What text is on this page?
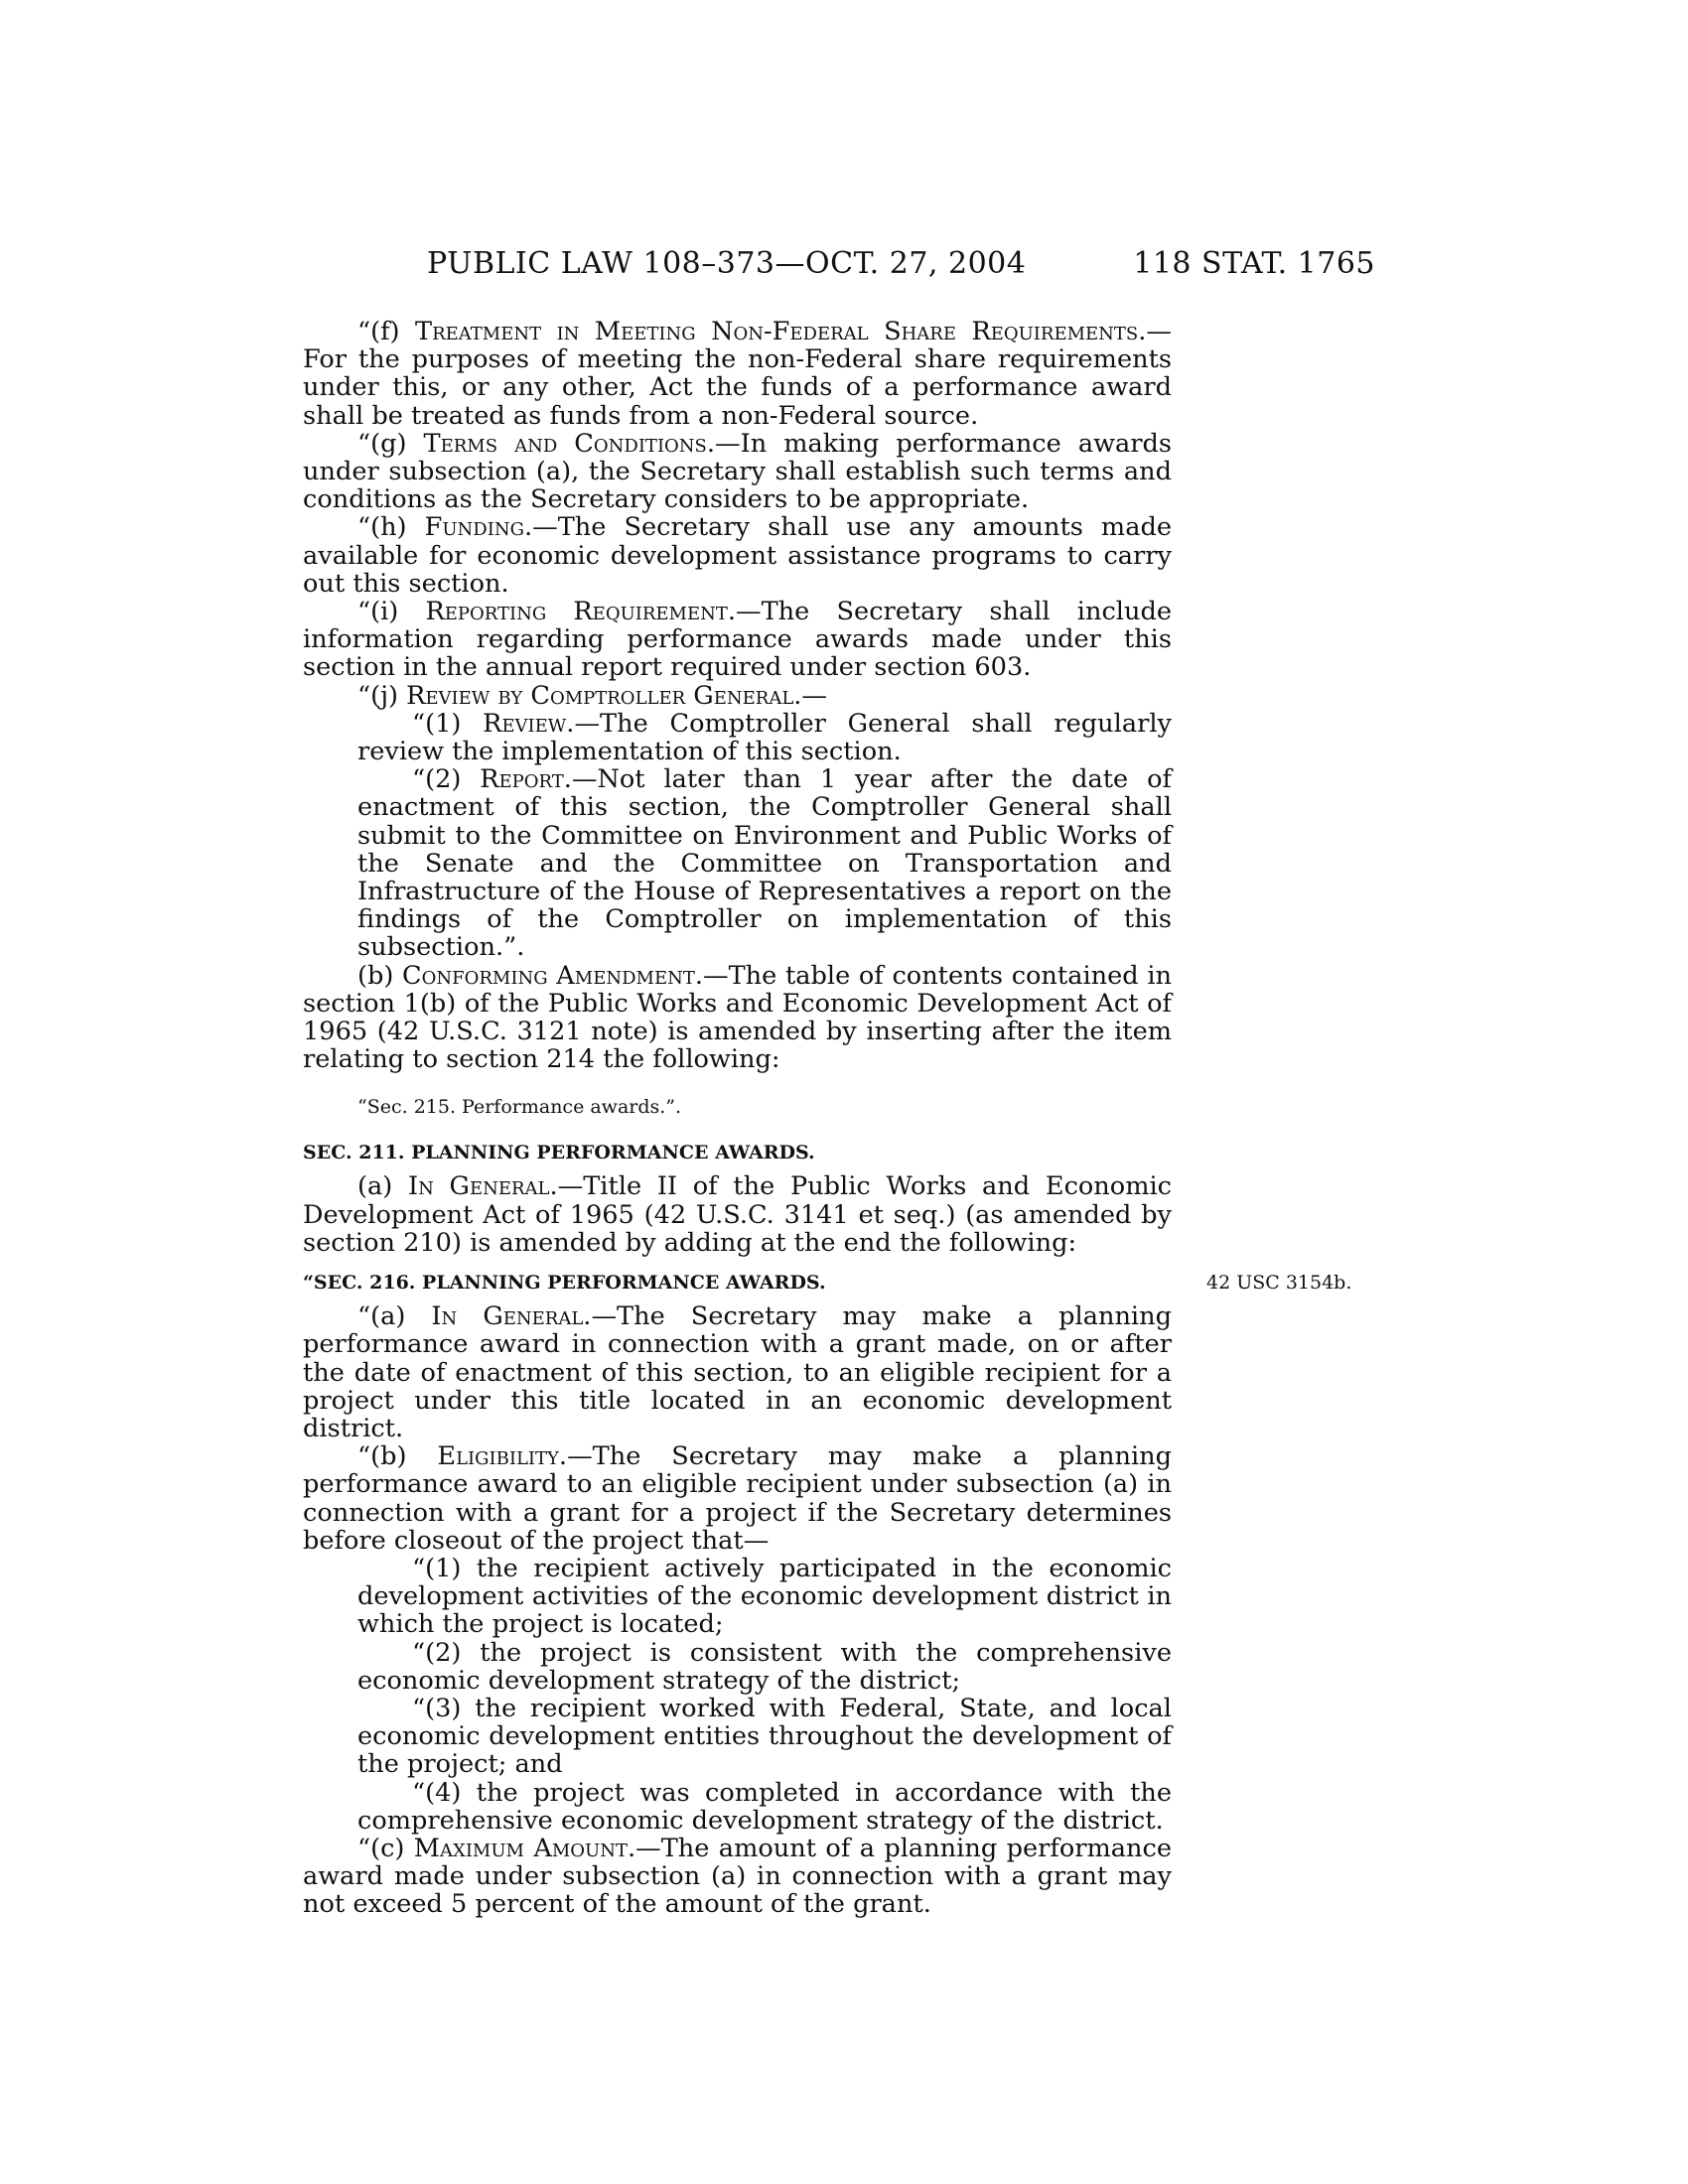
PUBLIC LAW 108–373—OCT. 27, 2004	118 STAT. 1765

“(f) Treatment in Meeting Non-Federal Share Requirements.—For the purposes of meeting the non-Federal share requirements under this, or any other, Act the funds of a performance award shall be treated as funds from a non-Federal source.

“(g) Terms and Conditions.—In making performance awards under subsection (a), the Secretary shall establish such terms and conditions as the Secretary considers to be appropriate.

“(h) Funding.—The Secretary shall use any amounts made available for economic development assistance programs to carry out this section.

“(i) Reporting Requirement.—The Secretary shall include information regarding performance awards made under this section in the annual report required under section 603.

“(j) Review by Comptroller General.—

“(1) Review.—The Comptroller General shall regularly review the implementation of this section.

“(2) Report.—Not later than 1 year after the date of enactment of this section, the Comptroller General shall submit to the Committee on Environment and Public Works of the Senate and the Committee on Transportation and Infrastructure of the House of Representatives a report on the findings of the Comptroller on implementation of this subsection.”.

(b) Conforming Amendment.—The table of contents contained in section 1(b) of the Public Works and Economic Development Act of 1965 (42 U.S.C. 3121 note) is amended by inserting after the item relating to section 214 the following:

“Sec. 215. Performance awards.”.

SEC. 211. PLANNING PERFORMANCE AWARDS.

(a) In General.—Title II of the Public Works and Economic Development Act of 1965 (42 U.S.C. 3141 et seq.) (as amended by section 210) is amended by adding at the end the following:

“SEC. 216. PLANNING PERFORMANCE AWARDS.	42 USC 3154b.

“(a) In General.—The Secretary may make a planning performance award in connection with a grant made, on or after the date of enactment of this section, to an eligible recipient for a project under this title located in an economic development district.

“(b) Eligibility.—The Secretary may make a planning performance award to an eligible recipient under subsection (a) in connection with a grant for a project if the Secretary determines before closeout of the project that—

“(1) the recipient actively participated in the economic development activities of the economic development district in which the project is located;

“(2) the project is consistent with the comprehensive economic development strategy of the district;

“(3) the recipient worked with Federal, State, and local economic development entities throughout the development of the project; and

“(4) the project was completed in accordance with the comprehensive economic development strategy of the district.

“(c) Maximum Amount.—The amount of a planning performance award made under subsection (a) in connection with a grant may not exceed 5 percent of the amount of the grant.
